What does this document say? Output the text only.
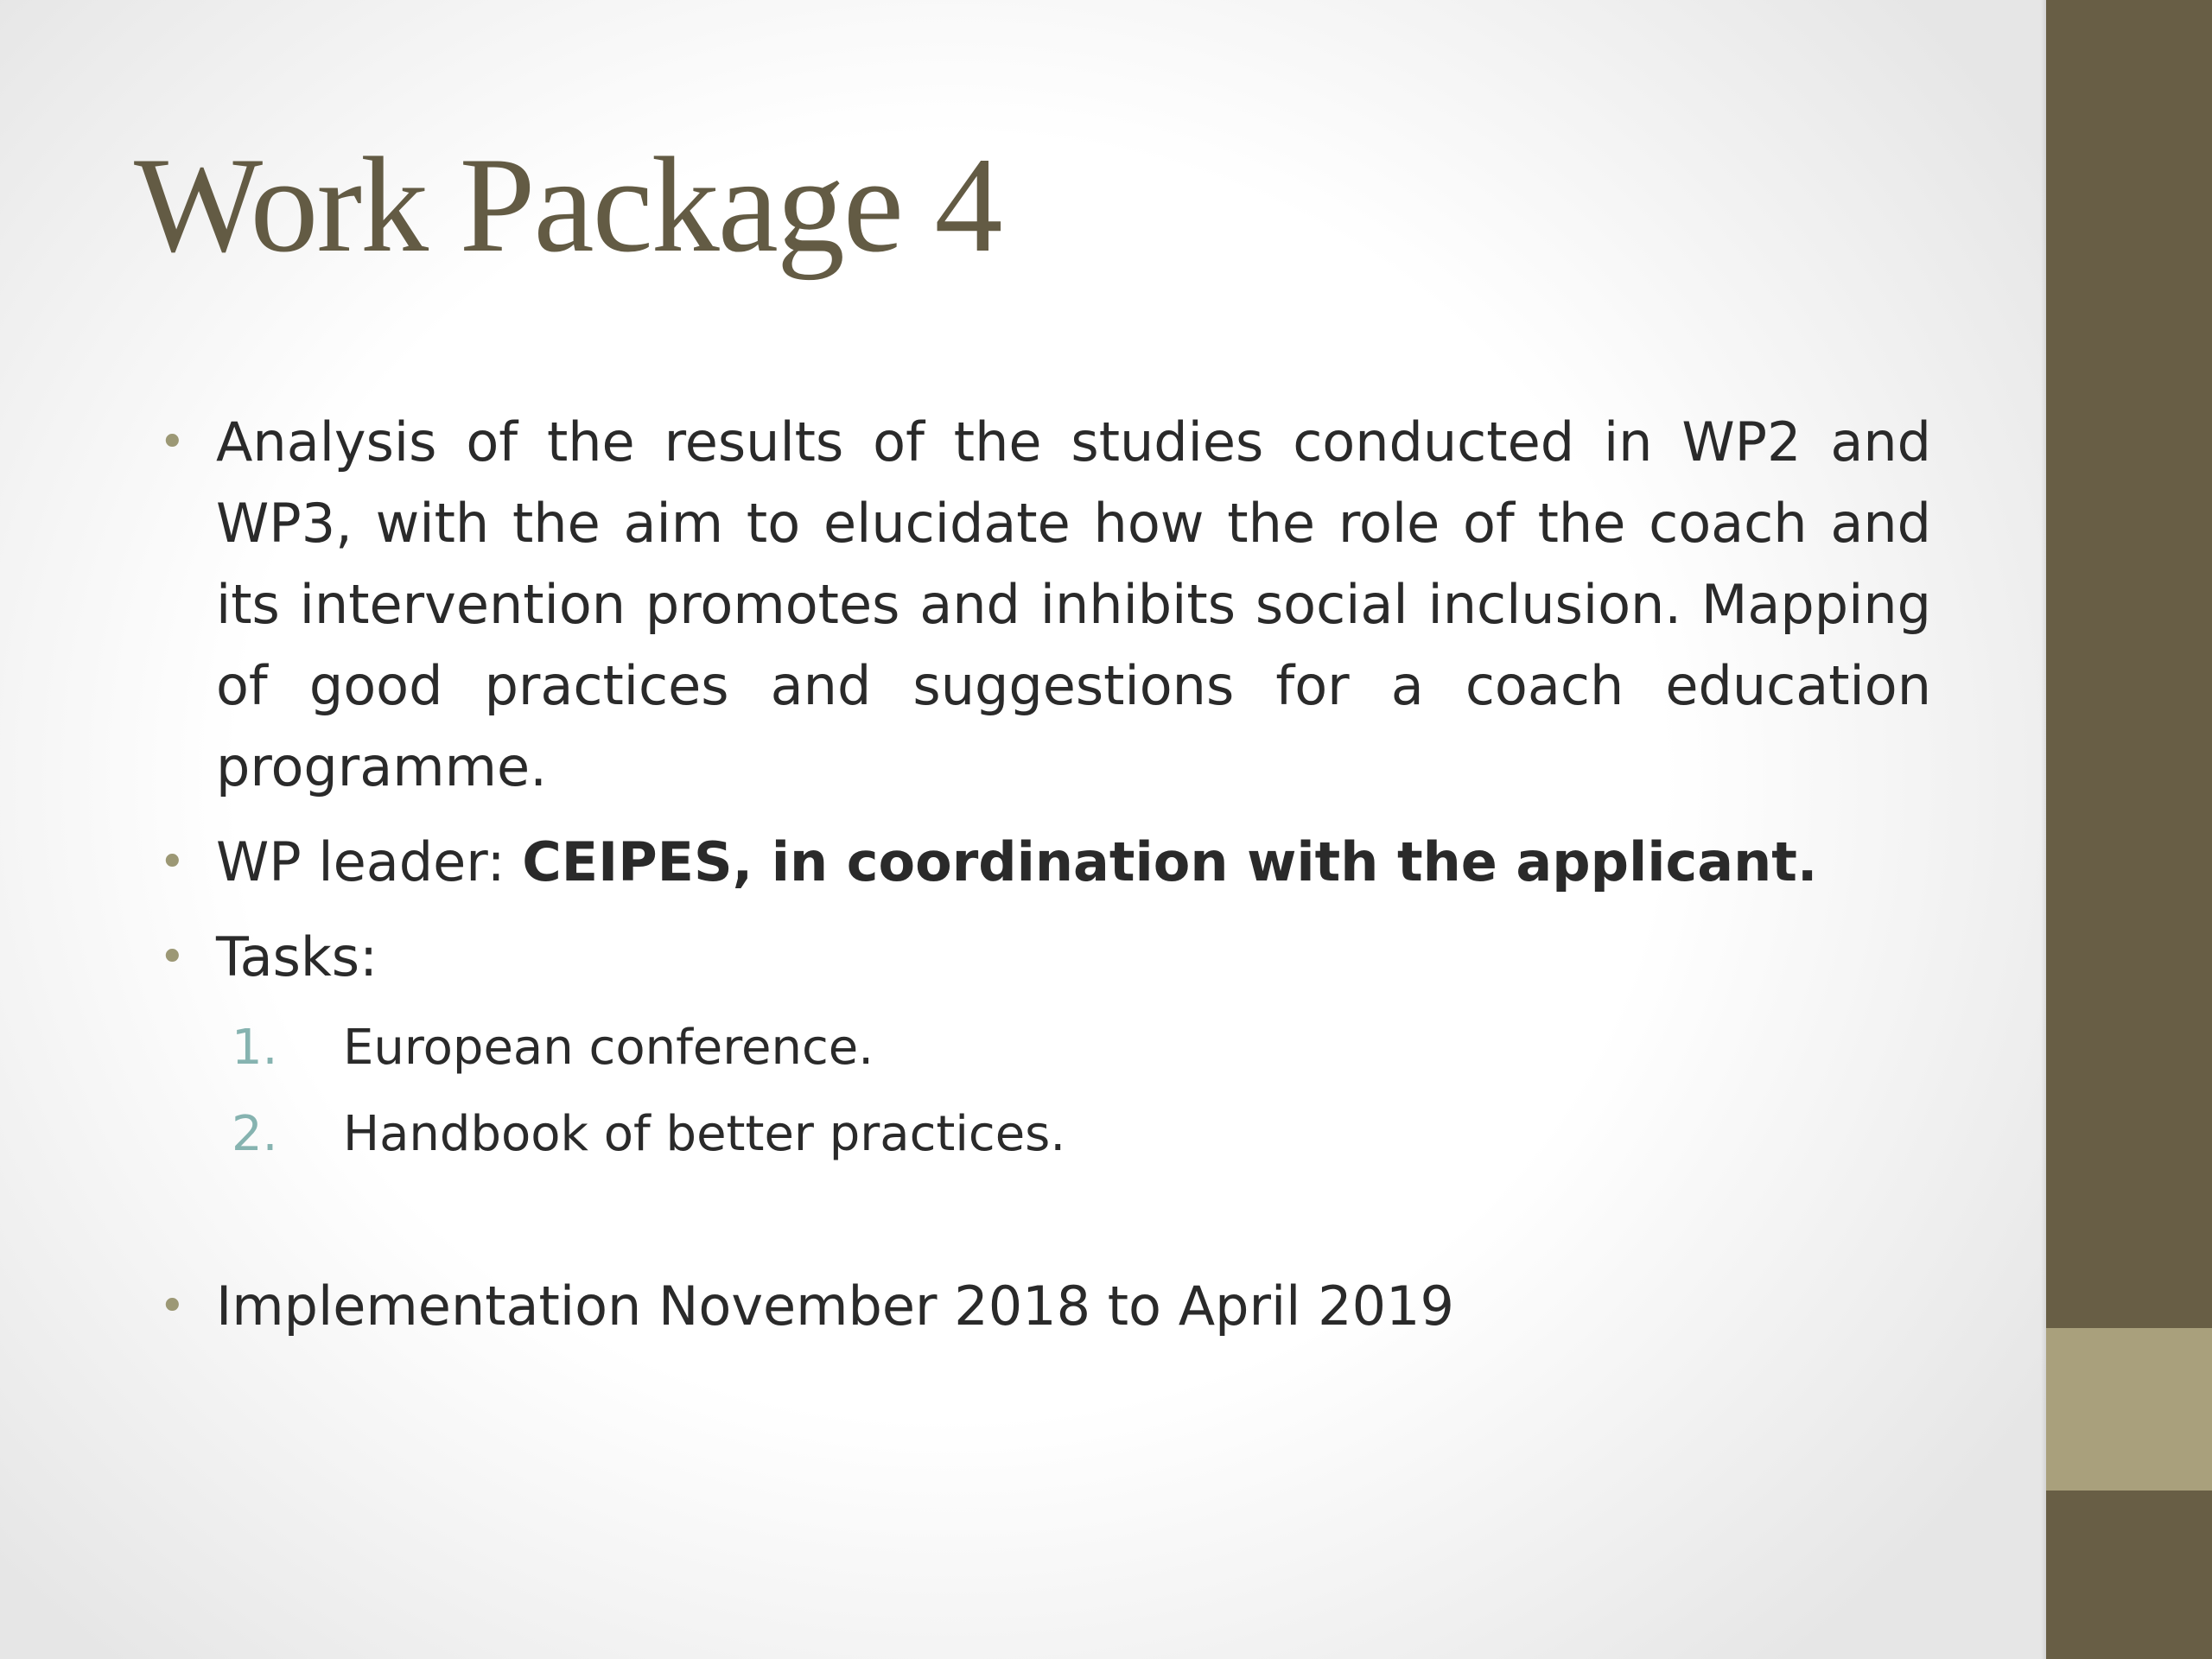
Work Package 4

• Analysis of the results of the studies conducted in WP2 and WP3, with the aim to elucidate how the role of the coach and its intervention promotes and inhibits social inclusion. Mapping of good practices and suggestions for a coach education programme.

• WP leader: CEIPES, in coordination with the applicant.

• Tasks:

1. European conference.
2. Handbook of better practices.

• Implementation November 2018 to April 2019
